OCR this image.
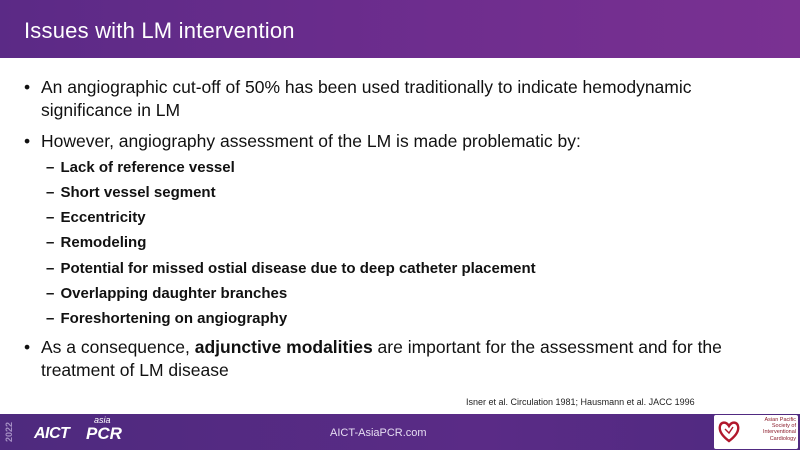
Issues with LM intervention
• An angiographic cut-off of 50% has been used traditionally to indicate hemodynamic
significance in LM
• However, angiography assessment of the LM is made problematic by:
– Lack of reference vessel
– Short vessel segment
– Eccentricity
– Remodeling
– Potential for missed ostial disease due to deep catheter placement
– Overlapping daughter branches
– Foreshortening on angiography
• As a consequence, adjunctive modalities are important for the assessment and for the
treatment of LM disease
Isner et al. Circulation 1981; Hausmann et al. JACC 1996
2022 AICT
asia
PCR	AICT-AsiaPCR.com
Asian Pacific
Society of
Interventional
Cardiology
